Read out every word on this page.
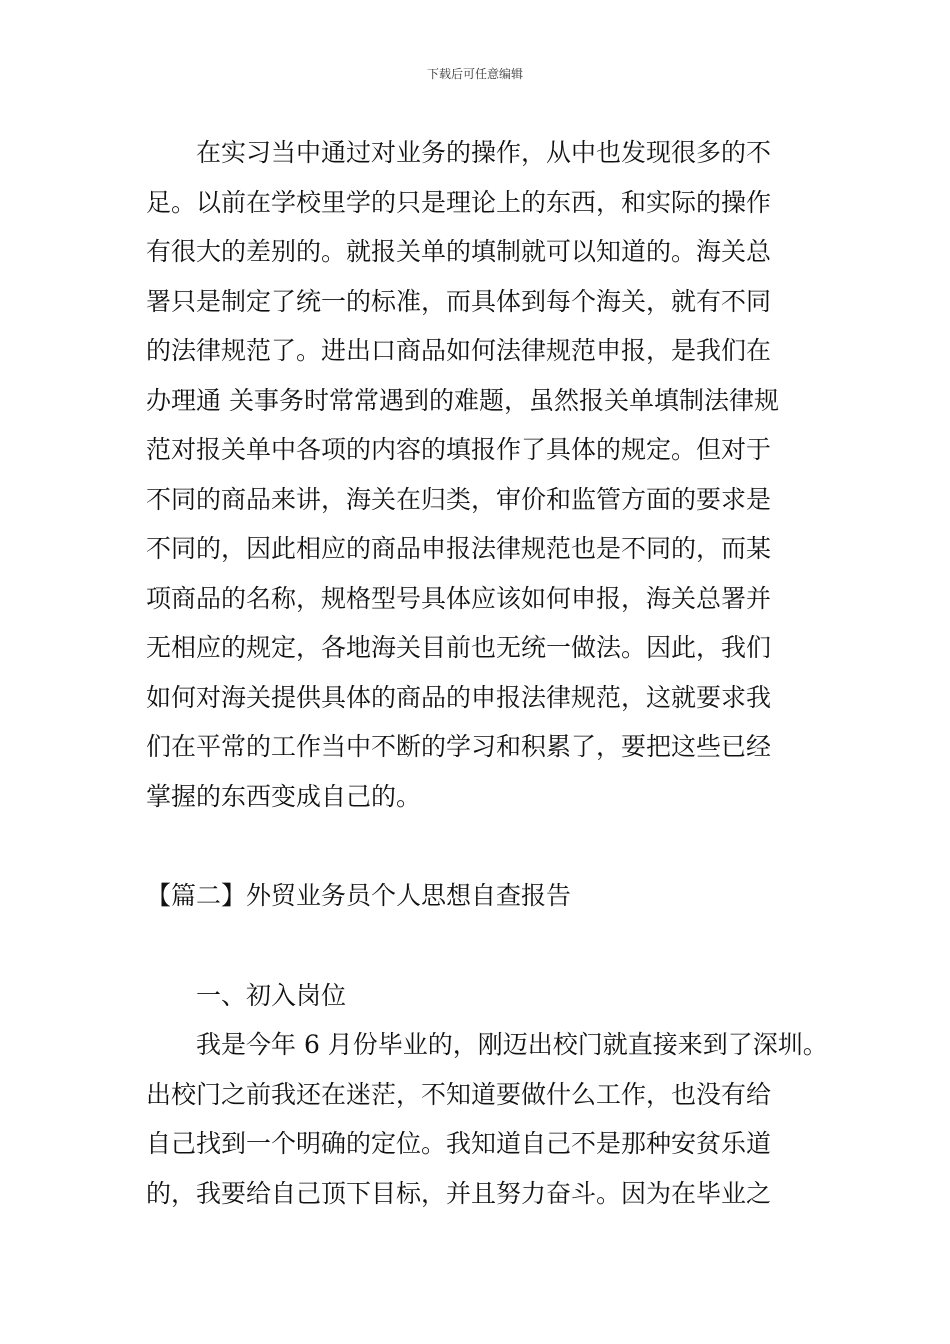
下载后可任意编辑

在实习当中通过对业务的操作，从中也发现很多的不
足。以前在学校里学的只是理论上的东西，和实际的操作
有很大的差别的。就报关单的填制就可以知道的。海关总
署只是制定了统一的标准，而具体到每个海关，就有不同
的法律规范了。进出口商品如何法律规范申报，是我们在
办理通 关事务时常常遇到的难题，虽然报关单填制法律规
范对报关单中各项的内容的填报作了具体的规定。但对于
不同的商品来讲，海关在归类，审价和监管方面的要求是
不同的，因此相应的商品申报法律规范也是不同的，而某
项商品的名称，规格型号具体应该如何申报，海关总署并
无相应的规定，各地海关目前也无统一做法。因此，我们
如何对海关提供具体的商品的申报法律规范，这就要求我
们在平常的工作当中不断的学习和积累了，要把这些已经
掌握的东西变成自己的。

【篇二】外贸业务员个人思想自查报告

一、初入岗位

我是今年 6 月份毕业的，刚迈出校门就直接来到了深圳。
出校门之前我还在迷茫，不知道要做什么工作，也没有给
自己找到一个明确的定位。我知道自己不是那种安贫乐道
的，我要给自己顶下目标，并且努力奋斗。因为在毕业之
